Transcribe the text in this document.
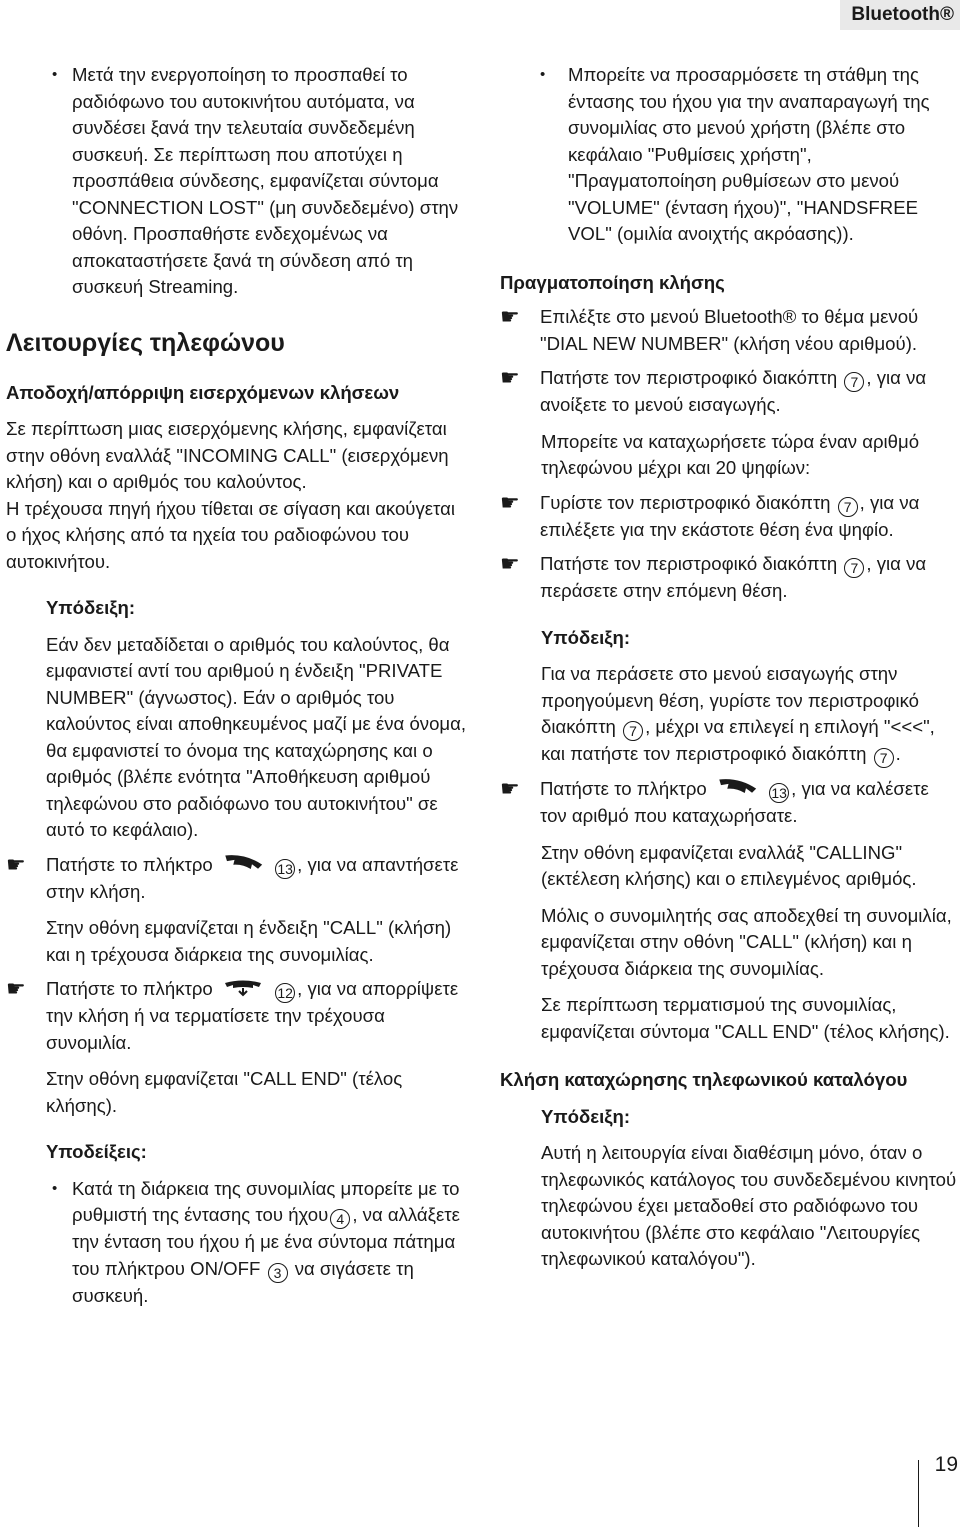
Bluetooth®

• Μετά την ενεργοποίηση το προσπαθεί το ραδιόφωνο του αυτοκινήτου αυτόματα, να συνδέσει ξανά την τελευταία συνδεδεμένη συσκευή. Σε περίπτωση που αποτύχει η προσπάθεια σύνδεσης, εμφανίζεται σύντομα "CONNECTION LOST" (μη συνδεδεμένο) στην οθόνη. Προσπαθήστε ενδεχομένως να αποκαταστήσετε ξανά τη σύνδεση από τη συσκευή Streaming.

Λειτουργίες τηλεφώνου
Αποδοχή/απόρριψη εισερχόμενων κλήσεων

Σε περίπτωση μιας εισερχόμενης κλήσης, εμφανίζεται στην οθόνη εναλλάξ "INCOMING CALL" (εισερχόμενη κλήση) και ο αριθμός του καλούντος.

Η τρέχουσα πηγή ήχου τίθεται σε σίγαση και ακούγεται ο ήχος κλήσης από τα ηχεία του ραδιοφώνου του αυτοκινήτου.

Υπόδειξη:

Εάν δεν μεταδίδεται ο αριθμός του καλούντος, θα εμφανιστεί αντί του αριθμού η ένδειξη "PRIVATE NUMBER" (άγνωστος). Εάν ο αριθμός του καλούντος είναι αποθηκευμένος μαζί με ένα όνομα, θα εμφανιστεί το όνομα της καταχώρησης και ο αριθμός (βλέπε ενότητα "Αποθήκευση αριθμού τηλεφώνου στο ραδιόφωνο του αυτοκινήτου" σε αυτό το κεφάλαιο).

☛ Πατήστε το πλήκτρο	13 , για να απαντήσετε στην κλήση.

Στην οθόνη εμφανίζεται η ένδειξη "CALL" (κλήση) και η τρέχουσα διάρκεια της συνομιλίας.

☛ Πατήστε το πλήκτρο	12 , για να απορρίψετε την κλήση ή να τερματίσετε την τρέχουσα συνομιλία.

Στην οθόνη εμφανίζεται "CALL END" (τέλος κλήσης).

Υποδείξεις:

• Κατά τη διάρκεια της συνομιλίας μπορείτε με το ρυθμιστή της έντασης του ήχου 4 , να αλλάξετε την ένταση του ήχου ή με ένα σύντομα πάτημα του πλήκτρου ON/OFF 3 να σιγάσετε τη συσκευή.

• Μπορείτε να προσαρμόσετε τη στάθμη της έντασης του ήχου για την αναπαραγωγή της συνομιλίας στο μενού χρήστη (βλέπε στο κεφάλαιο "Ρυθμίσεις χρήστη", "Πραγματοποίηση ρυθμίσεων στο μενού "VOLUME" (ένταση ήχου)", "HANDSFREE VOL" (ομιλία ανοιχτής ακρόασης)).

Πραγματοποίηση κλήσης
☛ Επιλέξτε στο μενού Bluetooth® το θέμα μενού "DIAL NEW NUMBER" (κλήση νέου αριθμού).
☛ Πατήστε τον περιστροφικό διακόπτη 7 , για να ανοίξετε το μενού εισαγωγής.

Μπορείτε να καταχωρήσετε τώρα έναν αριθμό τηλεφώνου μέχρι και 20 ψηφίων:

☛ Γυρίστε τον περιστροφικό διακόπτη 7 , για να επιλέξετε για την εκάστοτε θέση ένα ψηφίο.
☛ Πατήστε τον περιστροφικό διακόπτη 7 , για να περάσετε στην επόμενη θέση.
Υπόδειξη:

Για να περάσετε στο μενού εισαγωγής στην προηγούμενη θέση, γυρίστε τον περιστροφικό διακόπτη 7 , μέχρι να επιλεγεί η επιλογή "<<<", και πατήστε τον περιστροφικό διακόπτη 7 .

☛ Πατήστε το πλήκτρο	13 , για να καλέσετε τον αριθμό που καταχωρήσατε.

Στην οθόνη εμφανίζεται εναλλάξ "CALLING" (εκτέλεση κλήσης) και ο επιλεγμένος αριθμός.

Μόλις ο συνομιλητής σας αποδεχθεί τη συνομιλία, εμφανίζεται στην οθόνη "CALL" (κλήση) και η τρέχουσα διάρκεια της συνομιλίας.

Σε περίπτωση τερματισμού της συνομιλίας, εμφανίζεται σύντομα "CALL END" (τέλος κλήσης).

Κλήση καταχώρησης τηλεφωνικού καταλόγου
Υπόδειξη:

Αυτή η λειτουργία είναι διαθέσιμη μόνο, όταν ο τηλεφωνικός κατάλογος του συνδεδεμένου κινητού τηλεφώνου έχει μεταδοθεί στο ραδιόφωνο του αυτοκινήτου (βλέπε στο κεφάλαιο "Λειτουργίες τηλεφωνικού καταλόγου").

19
